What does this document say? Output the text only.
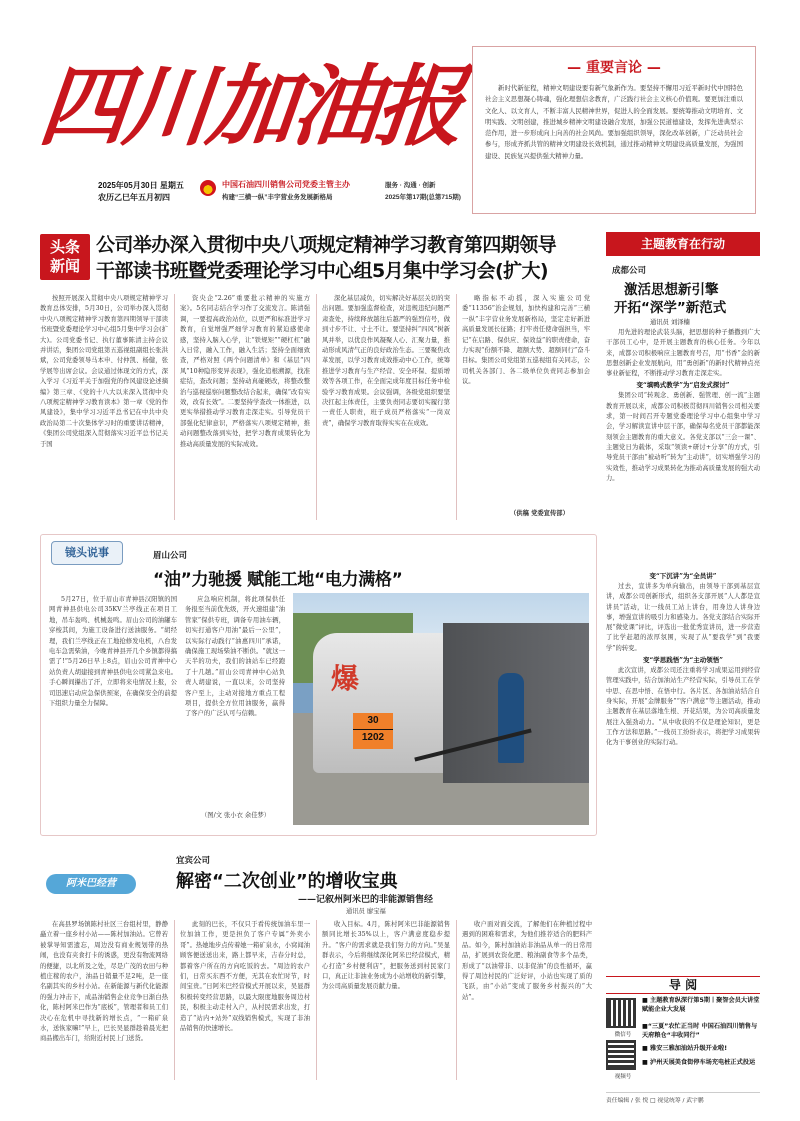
四川加油报
2025年05月30日 星期五
农历乙巳年五月初四
中国石油四川销售公司党委主管主办
构建“三横一纵”丰宇营业务发展新格局
服务 · 沟通 · 创新
2025年第17期(总第715期)
— 重要言论 —
新时代新征程，精神文明建设要有新气象新作为。要坚持不懈用习近平新时代中国特色社会主义思想凝心铸魂，强化理想信念教育，广泛践行社会主义核心价值观。要更加注重以文化人、以文育人，不断丰富人民精神世界，促进人的全面发展。要统筹推动文明培育、文明实践、文明创建，推进城乡精神文明建设融合发展，加强公民道德建设，发挥先进典型示范作用，进一步形成向上向善的社会风尚。要加强组织领导，深化改革创新，广泛动员社会参与，形成齐抓共管的精神文明建设长效机制，通过推动精神文明建设高质量发展，为强国建设、民族复兴提供强大精神力量。
头条
新闻
公司举办深入贯彻中央八项规定精神学习教育第四期领导
干部读书班暨党委理论学习中心组5月集中学习会(扩大)

按照开展深入贯彻中央八项规定精神学习教育总体安排，5月30日，公司举办深入贯彻中央八项规定精神学习教育第四期领导干部读书班暨党委理论学习中心组5月集中学习会(扩大)。公司党委书记、执行董事陈清主持会议并讲话，集团公司党组第五巡视组副组长张洪斌，公司党委领导马本申、付仲凯、杨健，张学展等出席会议。会议通过体现文的方式，深入学习《习近平关于加强党的作风建设论述摘编》第三章、《党的十八大以来深入贯彻中央八项规定精神学习教育读本》第一章《党的作风建设》，集中学习习近平总书记在中共中央政治局第二十次集体学习时的重要讲话精神，《集团公司党组深入贯彻落实习近平总书记关于国

资央企“2.26”重要批示精神的实施方案》。5名同志结合学习作了交流发言。陈清强调，一要提高政治站位，以更严和标准进学习教育，自觉增强严细学习教育的紧迫感使命感，坚持入脑入心学，让“铁规矩”“硬杠杠”融入日常，融入工作，融入生活；坚持全面细致查，严格对照《两个问题清单》和《基层“四风”10种隐形变异表现》，强化追根溯源，找准症结，查改问题；坚持动真碰硬改，将整改整治与巡视巡察问题整改结合起来，确保“改有实效，改有长效”。二要坚持学查改一体推进，以更实举措推动学习教育走深走实。引导党员干部强化纪律意识，严格落实八项规定精神，推动问题整改落到实处，把学习教育成果转化为推动高质量发展的实际成效。

深化基层减负，切实解决好基层关切的突出问题。要加强监督检查，对违规违纪问题严肃查处，持续释放越往后越严的强烈信号，做到寸步不让、寸土不让。要坚持纠“四风”树新风并举，以优良作风凝聚人心、汇聚力量，推动形成风清气正的良好政治生态。三要聚焦改革发展，以学习教育成效推动中心工作，统筹推进学习教育与生产经营、安全环保、提质增效等各项工作，在全面完成年度目标任务中检验学习教育成果。会议强调，各级党组织要坚决扛起主体责任，主要负责同志要切实履行第一责任人职责，班子成员严格落实“一岗双责”，确保学习教育取得实实在在成效。

略指标不动摇，深入实施公司党委“11356”治企规划，加快构建和完善“三横一纵”丰宇营业务发展新格局，坚定走好新进高质量发展长征路；打牢责任使命强担当，牢记“在启路、保供应、保效益”的职责使命，奋力实现“份额不降、超额大势、超额同行”奋斗目标。集团公司党组第五巡视组有关同志，公司机关各部门、各二级单位负责同志参加会议。

（供稿 党委宣传部）
镜头说事	眉山公司
“油”力驰援 赋能工地“电力满格”

5月27日，位于眉山市青神县汉阳镇的国网青神县供电公司35KV兰亭线正在项目工地，吊车轰鸣、机械轰鸣。眉山公司的油罐车穿梭其间，为施工设备进行送油服务。“胡经理，我们兰亭线正在工地抢修发电机，八台发电车急需柴油，今晚青神县开几个乡镇都得搞需了!”5月26日早上8点，眉山公司青神中心站负责人胡建接到青神县供电公司紧急来电。手心瞬间攥出了汗，立即将来电情况上报，公司迅速启动应急保供预案，在确保安全的前提下组织力量全力保障。

应急响应机制，将此项保供任务报至当前优先级，开火速组建“油管家”保供专班，调备专用油车辆，切实打通客户用油“最后一公里”，以实际行动践行“油惠四川”承诺，确保施工现场柴油不断供。“就这一天半的功夫，我们的油站车已经跑了十几趟。”眉山公司青神中心站负责人胡建说，一直以来，公司坚持客户至上，主动对接地方重点工程项目，提供全方位用油服务，赢得了客户的广泛认可与信赖。

（图/文 张小衣 余佳梦）
爆
30
1202
阿米巴经营
宜宾公司
解密“二次创业”的增收宝典
——记叙州阿米巴的非能源销售经
通讯员 廖宝福

在高县罗场镇陈村社区三台组村里，静静矗立着一座乡村小站——陈村加油站。它曾若被掌导知需遗忘，周边没有商业规划带的热闹，也没有夹食打卡的诱惑，更没有物流网络的便捷，以北所及之处，尽是广茂的农田与种植庄稼的农户，油品日销量不足2吨，是一座名副其实的乡村小站。在新能源与新代化能源的强力冲击下，成品油销售企业竞争日渐白热化，陈村阿米巴作为“底板”，管理者和员工们决心在危机中寻找新的增长点，“一箱矿泉水，送恢家嘛!”早上，巴长吴显群趁着晨光把商品搬出车门，给附近村民上门送货。

此刻的巴长，不仅只于看传统加油车里一位加油工作，更是担负了客户专属“外卖小哥”。热她地步点传着她一箱矿泉水，小窝闻油顾客便送送出来，路上都早来，吉春分时总，都着客户所在的方向吃饭的去。“周边的农户们，日常买东西不方便，无其在农忙时节，时间宝贵。”日阿米巴经营模式开展以来，吴显群积极转变经营思路，以最大限度地服务周边村民，积极主动走村入户，从村民需求出发，打造了“站内+站外”双线销售模式，实现了非油品销售的快速增长。

收入目标。4月，陈村阿米巴非能源销售额同比增长35%以上，客户满意度稳步提升。“客户的需求就是我们努力的方向。”吴显群表示，今后将继续深化阿米巴经营模式，精心打造“乡村便利店”，把服务送到村民家门口，真正让非油业务成为小站增收的新引擎，为公司高质量发展贡献力量。

收户面对面交流，了解他们在种植过程中遇到的困难和需求，为他们推荐适合的肥料产品。如今，陈村加油站非油品从单一的日常用品，扩展到农资化肥、粮油副食等多个品类，形成了“以油带非、以非促油”的良性循环，赢得了周边村民的广泛好评，小站也实现了质的飞跃，由“小站”变成了服务乡村振兴的“大站”。

主题教育在行动
成都公司
激活思想新引擎
开拓“深学”新范式
通讯员 刘泽楠

用先进的理论武装头脑，把思想的种子播撒到广大干部员工心中，是开展主题教育的核心任务。今年以来，成都公司积极响应主题教育号召，用“书香”金的新思想创新企业发展航向，用“勇创新”的新时代精神点亮事业新征程，不断推动学习教育走深走实。

变“填鸭式教学”为“启发式探讨”

集团公司“转观念、勇创新、强管理、创一流”主题教育开展以来，成都公司积极贯彻四川销售公司相关要求，第一时间召开专题党委理论学习中心组集中学习会，学习解读宣讲中层干部，确保每名党员干部都能深刻领会主题教育的重大意义。各党支部以“三会一课”、主题党日为载体，采取“领读+研讨+分享”的方式，引导党员干部由“被动听”转为“主动讲”，切实增强学习的实效性，推动学习成果转化为推动高质量发展的强大动力。

变“下沉讲”为“全员讲”

过去，宣讲多为单向输出，由领导干部到基层宣讲，成都公司创新形式，组织各支部开展“人人都是宣讲员”活动，让一线员工站上讲台，用身边人讲身边事，增强宣讲的吸引力和感染力。各党支部结合实际开展“微党课”评比，评选出一批优秀宣讲员，进一步营造了比学赶超的浓厚氛围，实现了从“要我学”到“我要学”的转变。

变“学思践悟”为“主动领悟”

此次宣讲，成都公司还注重将学习成果运用到经营管理实践中，结合加油站生产经营实际，引导员工在学中思、在思中悟、在悟中行。各片区、各加油站结合自身实际，开展“金牌服务”“客户满意”等主题活动，推动主题教育在基层落地生根、开花结果，为公司高质量发展注入强劲动力。“从中收获的不仅是理论知识，更是工作方法和思路。”一线员工纷纷表示，将把学习成果转化为干事创业的实际行动。

导 阅
微信号
■ 主题教育纵深行第5期丨聚智会员大讲堂 赋能企业大发展
视频号
■“三夏”农忙正当时 中国石油四川销售与天府粮仓“丰收同行”
■ 雅安三雅加油站升级开业啦!
■ 泸州天展美食街停车场充电桩正式投运
责任编辑 / 张 悦 □ 视觉统筹 / 武宇鹏
